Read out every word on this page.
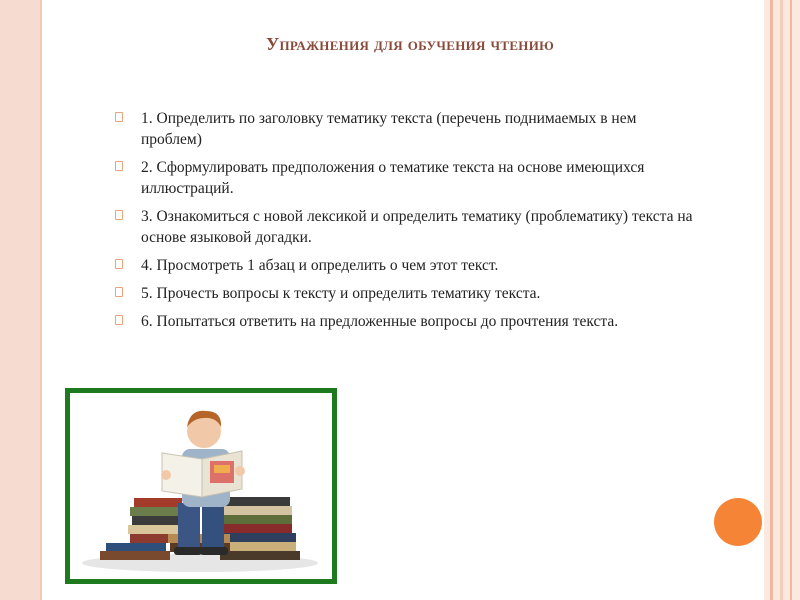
Упражнения для обучения чтению
1. Определить по заголовку тематику текста (перечень поднимаемых в нем проблем)
2. Сформулировать предположения о тематике текста на основе имеющихся иллюстраций.
3. Ознакомиться с новой лексикой и определить тематику (проблематику) текста на основе языковой догадки.
4. Просмотреть 1 абзац и определить о чем этот текст.
5. Прочесть вопросы к тексту и определить тематику текста.
6. Попытаться ответить на предложенные вопросы до прочтения текста.
